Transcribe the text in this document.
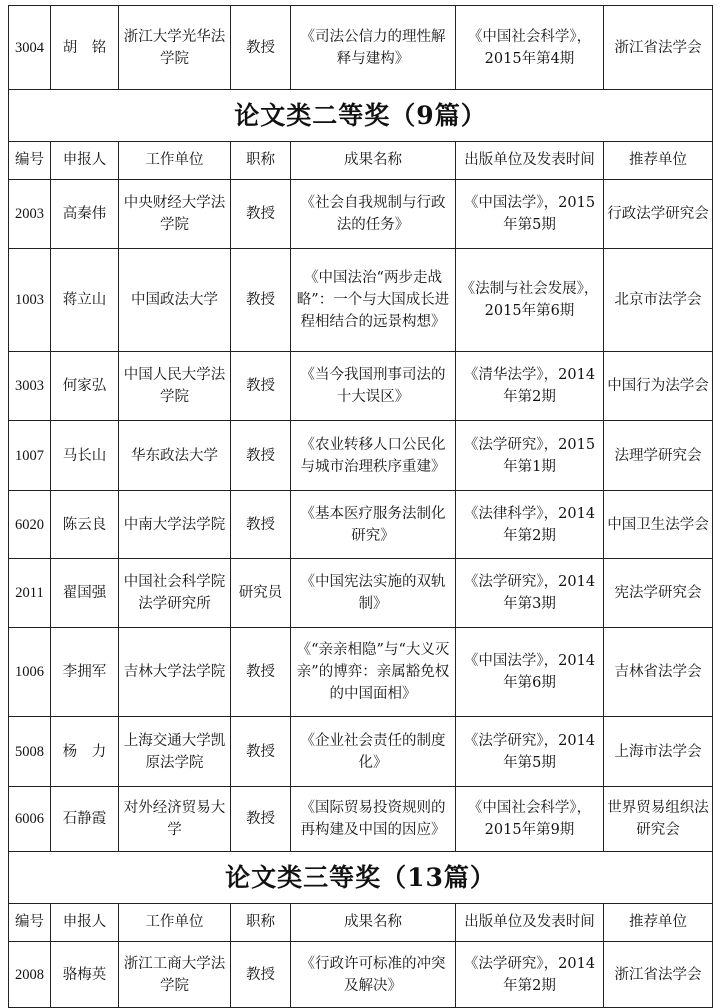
3004	胡　铭	浙江大学光华法学院	教授	《司法公信力的理性解释与建构》	《中国社会科学》，2015年第4期	浙江省法学会
论文类二等奖（9篇）						
编号	申报人	工作单位	职称	成果名称	出版单位及发表时间	推荐单位
2003	高秦伟	中央财经大学法学院	教授	《社会自我规制与行政法的任务》	《中国法学》，2015年第5期	行政法学研究会
1003	蒋立山	中国政法大学	教授	《中国法治“两步走战略”：一个与大国成长进程相结合的远景构想》	《法制与社会发展》，2015年第6期	北京市法学会
3003	何家弘	中国人民大学法学院	教授	《当今我国刑事司法的十大误区》	《清华法学》，2014年第2期	中国行为法学会
1007	马长山	华东政法大学	教授	《农业转移人口公民化与城市治理秩序重建》	《法学研究》，2015年第1期	法理学研究会
6020	陈云良	中南大学法学院	教授	《基本医疗服务法制化研究》	《法律科学》，2014年第2期	中国卫生法学会
2011	翟国强	中国社会科学院法学研究所	研究员	《中国宪法实施的双轨制》	《法学研究》，2014年第3期	宪法学研究会
1006	李拥军	吉林大学法学院	教授	《“亲亲相隐”与“大义灭亲”的博弈：亲属豁免权的中国面相》	《中国法学》，2014年第6期	吉林省法学会
5008	杨　力	上海交通大学凯原法学院	教授	《企业社会责任的制度化》	《法学研究》，2014年第5期	上海市法学会
6006	石静霞	对外经济贸易大学	教授	《国际贸易投资规则的再构建及中国的因应》	《中国社会科学》，2015年第9期	世界贸易组织法研究会
论文类三等奖（13篇）						
编号	申报人	工作单位	职称	成果名称	出版单位及发表时间	推荐单位
2008	骆梅英	浙江工商大学法学院	教授	《行政许可标准的冲突及解决》	《法学研究》，2014年第2期	浙江省法学会
